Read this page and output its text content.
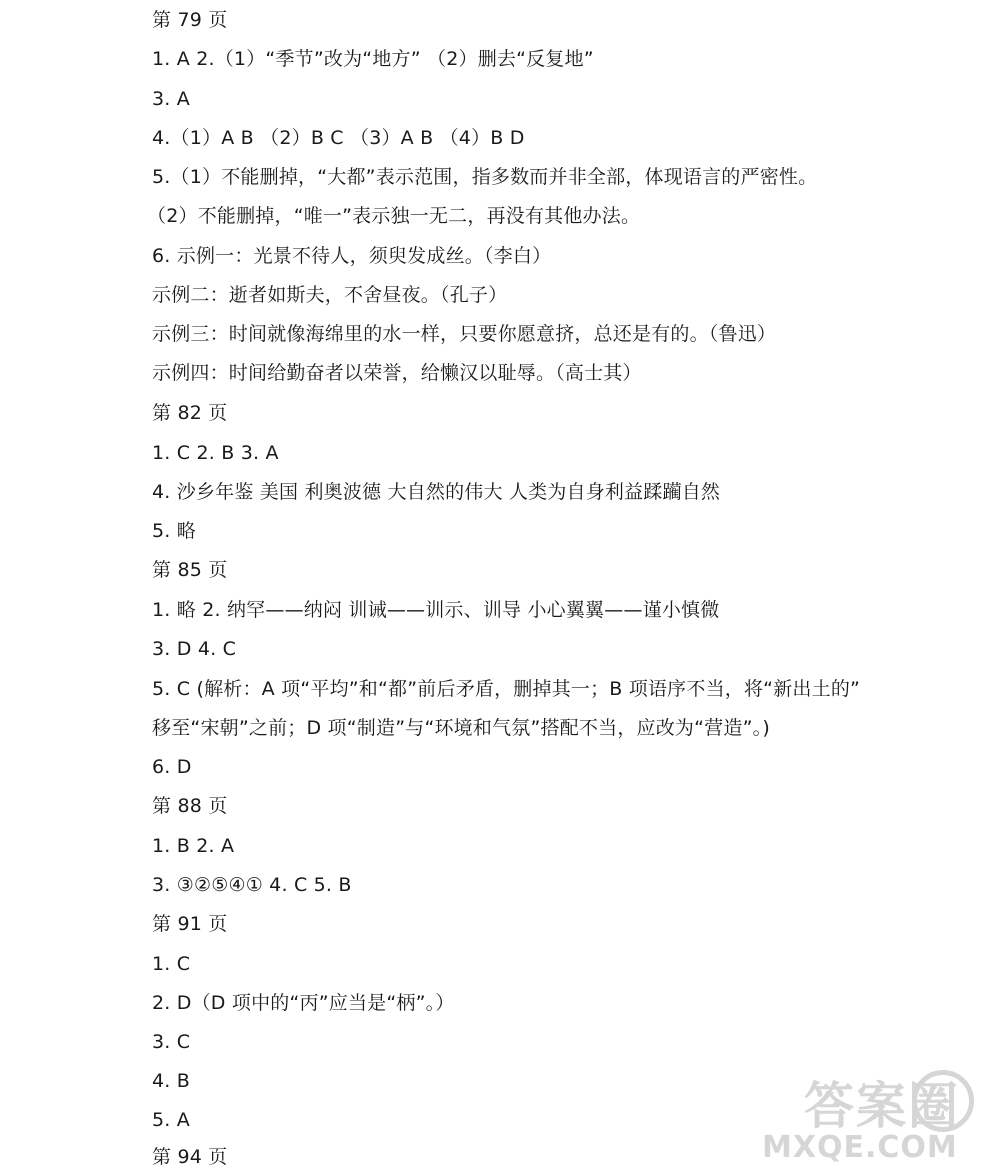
第 79 页
1. A 2.（1）“季节”改为“地方” （2）删去“反复地”
3. A
4.（1）A B （2）B C （3）A B （4）B D
5.（1）不能删掉，“大都”表示范围，指多数而并非全部，体现语言的严密性。
（2）不能删掉，“唯一”表示独一无二，再没有其他办法。
6. 示例一：光景不待人，须臾发成丝。（李白）
示例二：逝者如斯夫，不舍昼夜。（孔子）
示例三：时间就像海绵里的水一样，只要你愿意挤，总还是有的。（鲁迅）
示例四：时间给勤奋者以荣誉，给懒汉以耻辱。（高士其）
第 82 页
1. C 2. B 3. A
4. 沙乡年鉴 美国 利奥波德 大自然的伟大 人类为自身利益蹂躏自然
5. 略
第 85 页
1. 略 2. 纳罕——纳闷 训诫——训示、训导 小心翼翼——谨小慎微
3. D 4. C
5. C (解析：A 项“平均”和“都”前后矛盾，删掉其一；B 项语序不当，将“新出土的”
移至“宋朝”之前；D 项“制造”与“环境和气氛”搭配不当，应改为“营造”。)
6. D
第 88 页
1. B 2. A
3. ③②⑤④① 4. C 5. B
第 91 页
1. C
2. D（D 项中的“丙”应当是“柄”。）
3. C
4. B
5. A
第 94 页
答案圈
MXQE.COM
